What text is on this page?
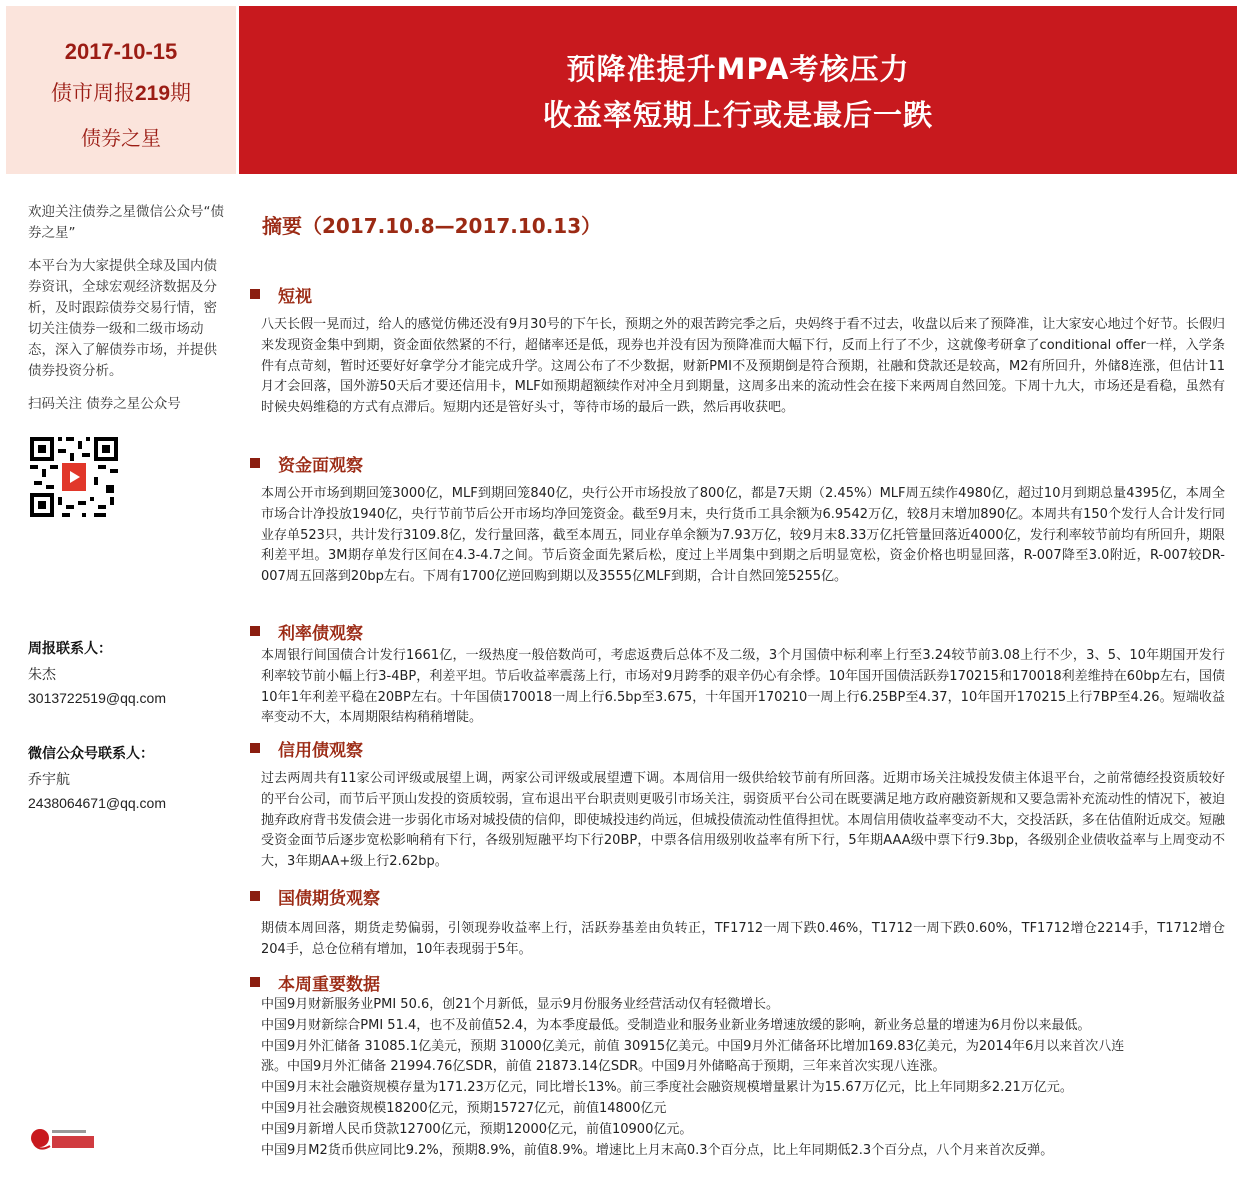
2017-10-15
债市周报219期
债券之星
预降准提升MPA考核压力
收益率短期上行或是最后一跌

欢迎关注债券之星微信公众号“债券之星”

本平台为大家提供全球及国内债券资讯，全球宏观经济数据及分析，及时跟踪债券交易行情，密切关注债券一级和二级市场动态，深入了解债券市场，并提供债券投资分析。

扫码关注 债券之星公众号

周报联系人：
朱杰
3013722519@qq.com
微信公众号联系人：
乔宇航
2438064671@qq.com
摘要（2017.10.8—2017.10.13）
短视
八天长假一晃而过，给人的感觉仿佛还没有9月30号的下午长，预期之外的艰苦跨完季之后，央妈终于看不过去，收盘以后来了预降准，让大家安心地过个好节。长假归来发现资金集中到期，资金面依然紧的不行，超储率还是低，现券也并没有因为预降准而大幅下行，反而上行了不少，这就像考研拿了conditional offer一样，入学条件有点苛刻，暂时还要好好拿学分才能完成升学。这周公布了不少数据，财新PMI不及预期倒是符合预期，社融和贷款还是较高，M2有所回升，外储8连涨，但估计11月才会回落，国外游50天后才要还信用卡，MLF如预期超额续作对冲全月到期量，这周多出来的流动性会在接下来两周自然回笼。下周十九大，市场还是看稳，虽然有时候央妈维稳的方式有点滞后。短期内还是管好头寸，等待市场的最后一跌，然后再收获吧。
资金面观察
本周公开市场到期回笼3000亿，MLF到期回笼840亿，央行公开市场投放了800亿，都是7天期（2.45%）MLF周五续作4980亿，超过10月到期总量4395亿，本周全市场合计净投放1940亿，央行节前节后公开市场均净回笼资金。截至9月末，央行货币工具余额为6.9542万亿，较8月末增加890亿。本周共有150个发行人合计发行同业存单523只，共计发行3109.8亿，发行量回落，截至本周五，同业存单余额为7.93万亿，较9月末8.33万亿托管量回落近4000亿，发行利率较节前均有所回升，期限利差平坦。3M期存单发行区间在4.3-4.7之间。节后资金面先紧后松，度过上半周集中到期之后明显宽松，资金价格也明显回落，R-007降至3.0附近，R-007较DR-007周五回落到20bp左右。下周有1700亿逆回购到期以及3555亿MLF到期，合计自然回笼5255亿。
利率债观察
本周银行间国债合计发行1661亿，一级热度一般倍数尚可，考虑返费后总体不及二级，3个月国债中标利率上行至3.24较节前3.08上行不少，3、5、10年期国开发行利率较节前小幅上行3-4BP，利差平坦。节后收益率震荡上行，市场对9月跨季的艰辛仍心有余悸。10年国开国债活跃券170215和170018利差维持在60bp左右，国债10年1年利差平稳在20BP左右。十年国债170018一周上行6.5bp至3.675，十年国开170210一周上行6.25BP至4.37，10年国开170215上行7BP至4.26。短端收益率变动不大，本周期限结构稍稍增陡。
信用债观察
过去两周共有11家公司评级或展望上调，两家公司评级或展望遭下调。本周信用一级供给较节前有所回落。近期市场关注城投发债主体退平台，之前常德经投资质较好的平台公司，而节后平顶山发投的资质较弱，宣布退出平台职责则更吸引市场关注，弱资质平台公司在既要满足地方政府融资新规和又要急需补充流动性的情况下，被迫抛弃政府背书发债会进一步弱化市场对城投债的信仰，即使城投违约尚远，但城投债流动性值得担忧。本周信用债收益率变动不大，交投活跃，多在估值附近成交。短融受资金面节后逐步宽松影响稍有下行，各级别短融平均下行20BP，中票各信用级别收益率有所下行，5年期AAA级中票下行9.3bp，各级别企业债收益率与上周变动不大，3年期AA+级上行2.62bp。
国债期货观察
期债本周回落，期货走势偏弱，引领现券收益率上行，活跃券基差由负转正，TF1712一周下跌0.46%，T1712一周下跌0.60%，TF1712增仓2214手，T1712增仓204手，总仓位稍有增加，10年表现弱于5年。
本周重要数据
中国9月财新服务业PMI 50.6，创21个月新低，显示9月份服务业经营活动仅有轻微增长。
中国9月财新综合PMI 51.4，也不及前值52.4，为本季度最低。受制造业和服务业新业务增速放缓的影响，新业务总量的增速为6月份以来最低。
中国9月外汇储备 31085.1亿美元，预期 31000亿美元，前值 30915亿美元。中国9月外汇储备环比增加169.83亿美元，为2014年6月以来首次八连
涨。中国9月外汇储备 21994.76亿SDR，前值 21873.14亿SDR。中国9月外储略高于预期，三年来首次实现八连涨。
中国9月末社会融资规模存量为171.23万亿元，同比增长13%。前三季度社会融资规模增量累计为15.67万亿元，比上年同期多2.21万亿元。
中国9月社会融资规模18200亿元，预期15727亿元，前值14800亿元
中国9月新增人民币贷款12700亿元，预期12000亿元，前值10900亿元。
中国9月M2货币供应同比9.2%，预期8.9%，前值8.9%。增速比上月末高0.3个百分点，比上年同期低2.3个百分点，八个月来首次反弹。
